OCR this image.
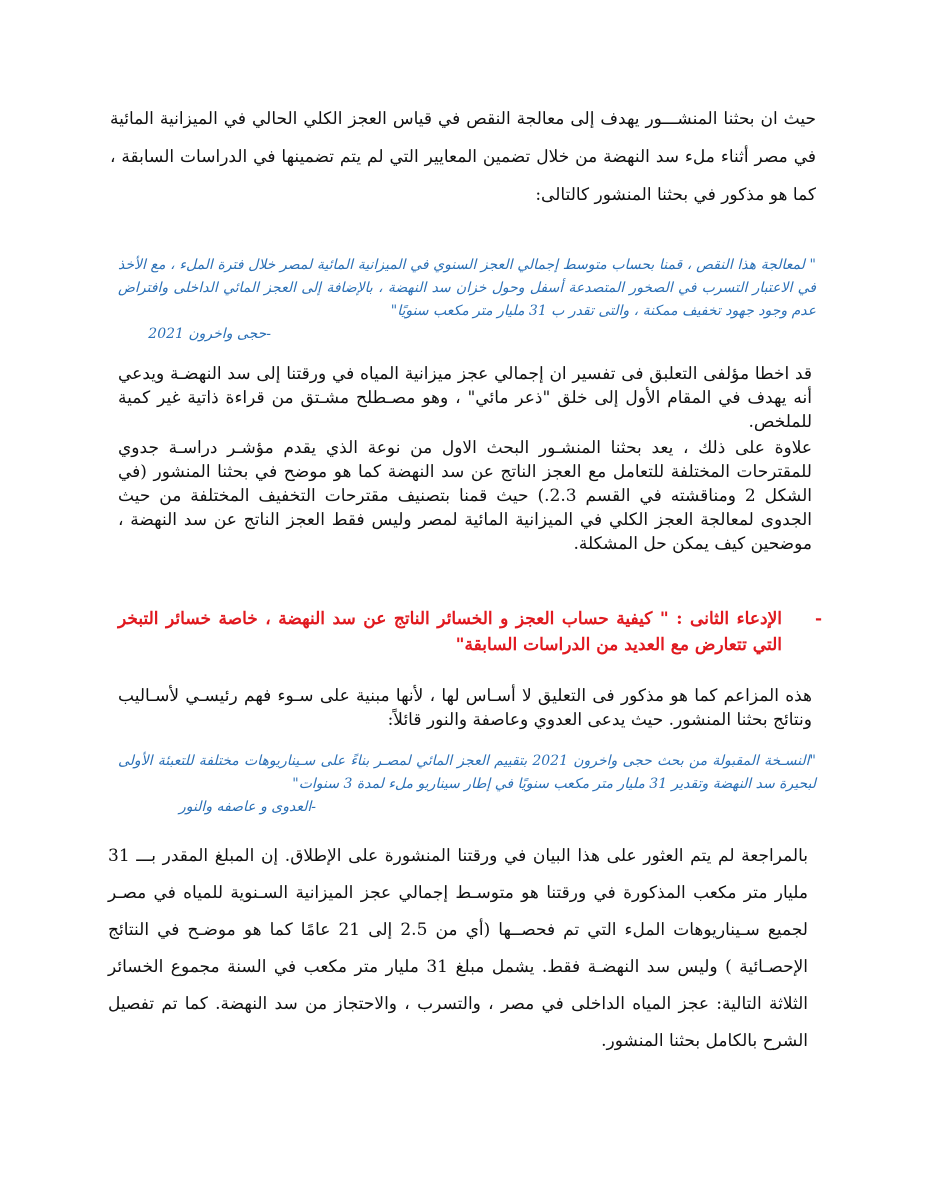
حيث ان بحثنا المنشـــور يهدف إلى معالجة النقص في قياس العجز الكلي الحالي في الميزانية المائية في مصر أثناء ملء سد النهضة من خلال تضمين المعايير التي لم يتم تضمينها في الدراسات السابقة ، كما هو مذكور في بحثنا المنشور كالتالى:

" لمعالجة هذا النقص ، قمنا بحساب متوسط إجمالي العجز السنوي في الميزانية المائية لمصر خلال فترة الملء ، مع الأخذ في الاعتبار التسرب في الصخور المتصدعة أسفل وحول خزان سد النهضة ، بالإضافة إلى العجز المائي الداخلى وافتراض عدم وجود جهود تخفيف ممكنة ، والتى تقدر ب 31 مليار متر مكعب سنويًا"
-حجى واخرون 2021

قد اخطا مؤلفى التعلبق فى تفسير ان إجمالي عجز ميزانية المياه في ورقتنا إلى سد النهضـة ويدعي أنه يهدف في المقام الأول إلى خلق "ذعر مائي" ، وهو مصـطلح مشـتق من قراءة ذاتية غير كمية للملخص.

علاوة على ذلك ، يعد بحثنا المنشـور البحث الاول من نوعة الذي يقدم مؤشـر دراسـة جدوي للمقترحات المختلفة للتعامل مع العجز الناتج عن سد النهضة كما هو موضح في بحثنا المنشور (في الشكل 2 ومناقشته في القسم 2.3.) حيث قمنا بتصنيف مقترحات التخفيف المختلفة من حيث الجدوى لمعالجة العجز الكلي في الميزانية المائية لمصر وليس فقط العجز الناتج عن سد النهضة ، موضحين كيف يمكن حل المشكلة.

-
الإدعاء الثانى : " كيفية حساب العجز و الخسائر الناتج عن سد النهضة ، خاصة خسائر التبخر التي تتعارض مع العديد من الدراسات السابقة"

هذه المزاعم كما هو مذكور فى التعليق لا أسـاس لها ، لأنها مبنية على سـوء فهم رئيسـي لأسـاليب ونتائج بحثنا المنشور. حيث يدعى العدوي وعاصفة والنور قائلاً:

"النسـخة المقبولة من بحث حجى واخرون 2021 بتقييم العجز المائي لمصـر بناءً على سـيناريوهات مختلفة للتعبئة الأولى لبحيرة سد النهضة وتقدير 31 مليار متر مكعب سنويًا في إطار سيناريو ملء لمدة 3 سنوات"
-العدوى و عاصفه والنور

بالمراجعة لم يتم العثور على هذا البيان في ورقتنا المنشورة على الإطلاق. إن المبلغ المقدر بـــ 31 مليار متر مكعب المذكورة في ورقتنا هو متوسـط إجمالي عجز الميزانية السـنوية للمياه في مصـر لجميع سـيناريوهات الملء التي تم فحصــها (أي من 2.5 إلى 21 عامًا كما هو موضـح في النتائج الإحصـائية ) وليس سد النهضـة فقط. يشمل مبلغ 31 مليار متر مكعب في السنة مجموع الخسائر الثلاثة التالية: عجز المياه الداخلى في مصر ، والتسرب ، والاحتجاز من سد النهضة. كما تم تفصيل الشرح بالكامل بحثنا المنشور.
